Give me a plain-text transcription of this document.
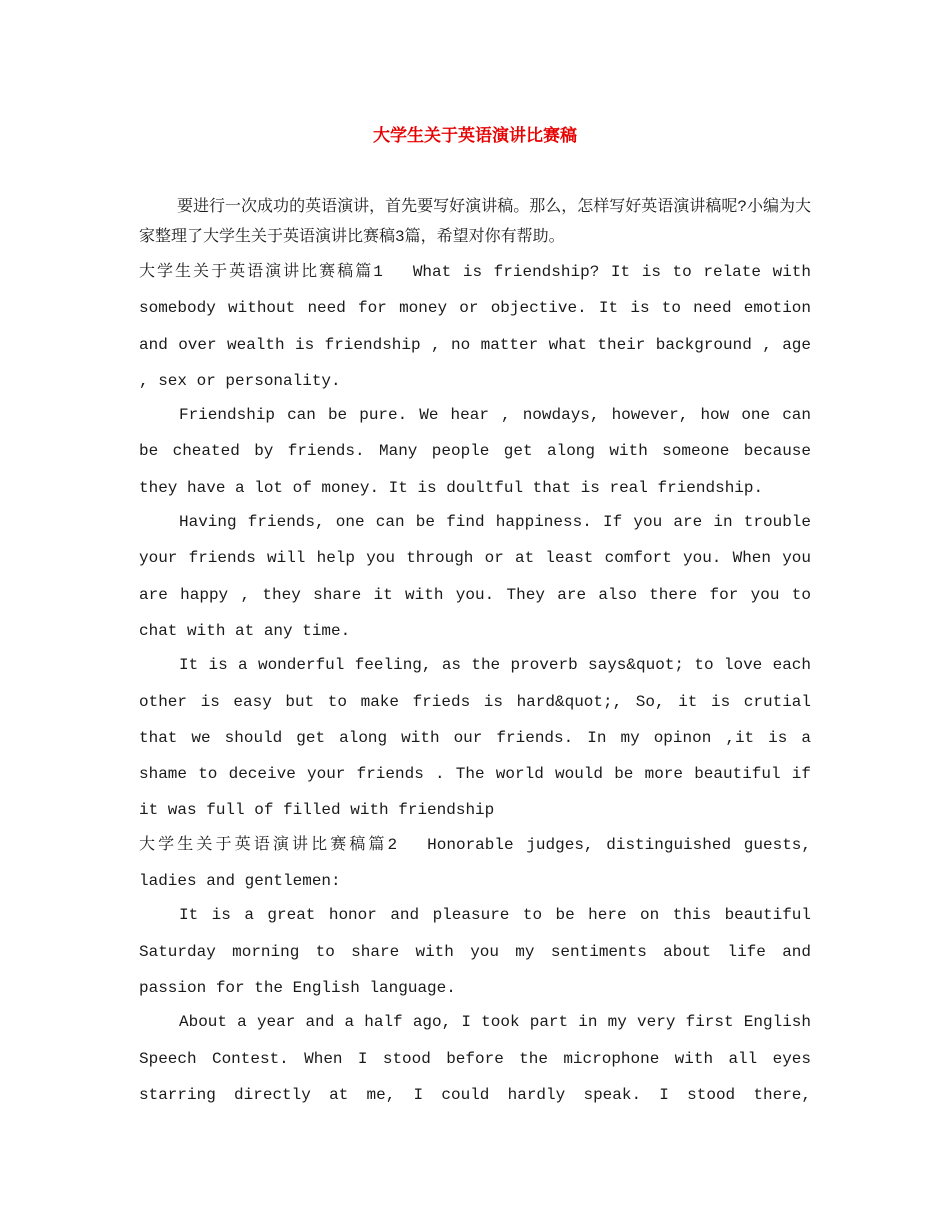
大学生关于英语演讲比赛稿

要进行一次成功的英语演讲，首先要写好演讲稿。那么，怎样写好英语演讲稿呢?小编为大家整理了大学生关于英语演讲比赛稿3篇，希望对你有帮助。

大学生关于英语演讲比赛稿篇1 What is friendship? It is to relate with somebody without need for money or objective. It is to need emotion and over wealth is friendship , no matter what their background , age , sex or personality.

Friendship can be pure. We hear , nowdays, however, how one can be cheated by friends. Many people get along with someone because they have a lot of money. It is doultful that is real friendship.

Having friends, one can be find happiness. If you are in trouble your friends will help you through or at least comfort you. When you are happy , they share it with you. They are also there for you to chat with at any time.

It is a wonderful feeling, as the proverb says&quot; to love each other is easy but to make frieds is hard&quot;, So, it is crutial that we should get along with our friends. In my opinon ,it is a shame to deceive your friends . The world would be more beautiful if it was full of filled with friendship

大学生关于英语演讲比赛稿篇2 Honorable judges, distinguished guests, ladies and gentlemen:

It is a great honor and pleasure to be here on this beautiful Saturday morning to share with you my sentiments about life and passion for the English language.

About a year and a half ago, I took part in my very first English Speech Contest. When I stood before the microphone with all eyes starring directly at me, I could hardly speak. I stood there,
